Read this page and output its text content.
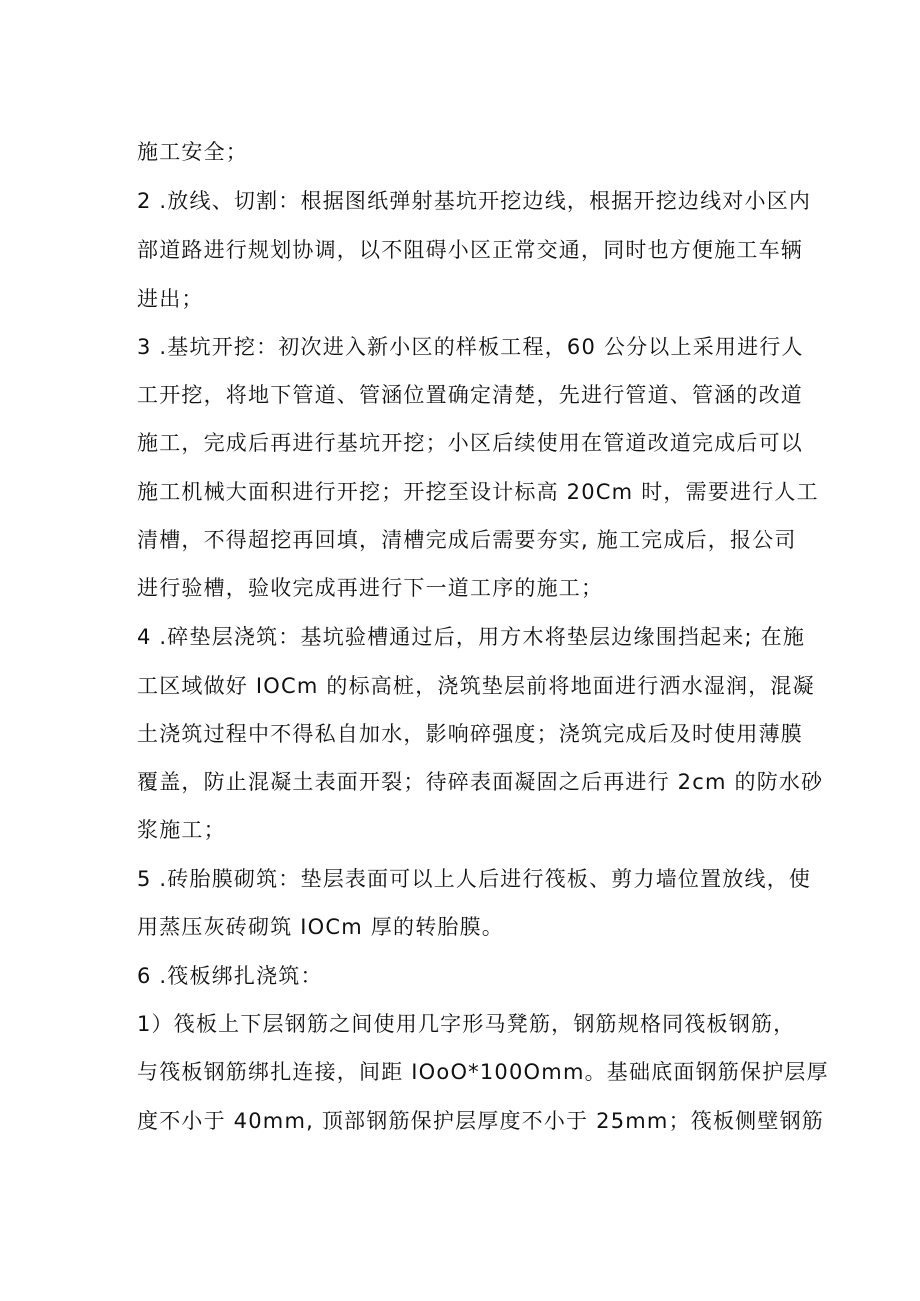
施工安全；
2 .放线、切割：根据图纸弹射基坑开挖边线，根据开挖边线对小区内
部道路进行规划协调，以不阻碍小区正常交通，同时也方便施工车辆
进出；
3 .基坑开挖：初次进入新小区的样板工程，60 公分以上采用进行人
工开挖，将地下管道、管涵位置确定清楚，先进行管道、管涵的改道
施工，完成后再进行基坑开挖；小区后续使用在管道改道完成后可以
施工机械大面积进行开挖；开挖至设计标高 20Cm 时，需要进行人工
清槽，不得超挖再回填，清槽完成后需要夯实, 施工完成后，报公司
进行验槽，验收完成再进行下一道工序的施工；
4 .碎垫层浇筑：基坑验槽通过后，用方木将垫层边缘围挡起来; 在施
工区域做好 IOCm 的标高桩，浇筑垫层前将地面进行洒水湿润，混凝
土浇筑过程中不得私自加水，影响碎强度；浇筑完成后及时使用薄膜
覆盖，防止混凝土表面开裂；待碎表面凝固之后再进行 2cm 的防水砂
浆施工；
5 .砖胎膜砌筑：垫层表面可以上人后进行筏板、剪力墙位置放线，使
用蒸压灰砖砌筑 IOCm 厚的转胎膜。
6 .筏板绑扎浇筑：
1）筏板上下层钢筋之间使用几字形马凳筋，钢筋规格同筏板钢筋，
与筏板钢筋绑扎连接，间距 IOoO*100Omm。基础底面钢筋保护层厚
度不小于 40mm, 顶部钢筋保护层厚度不小于 25mm；筏板侧壁钢筋
